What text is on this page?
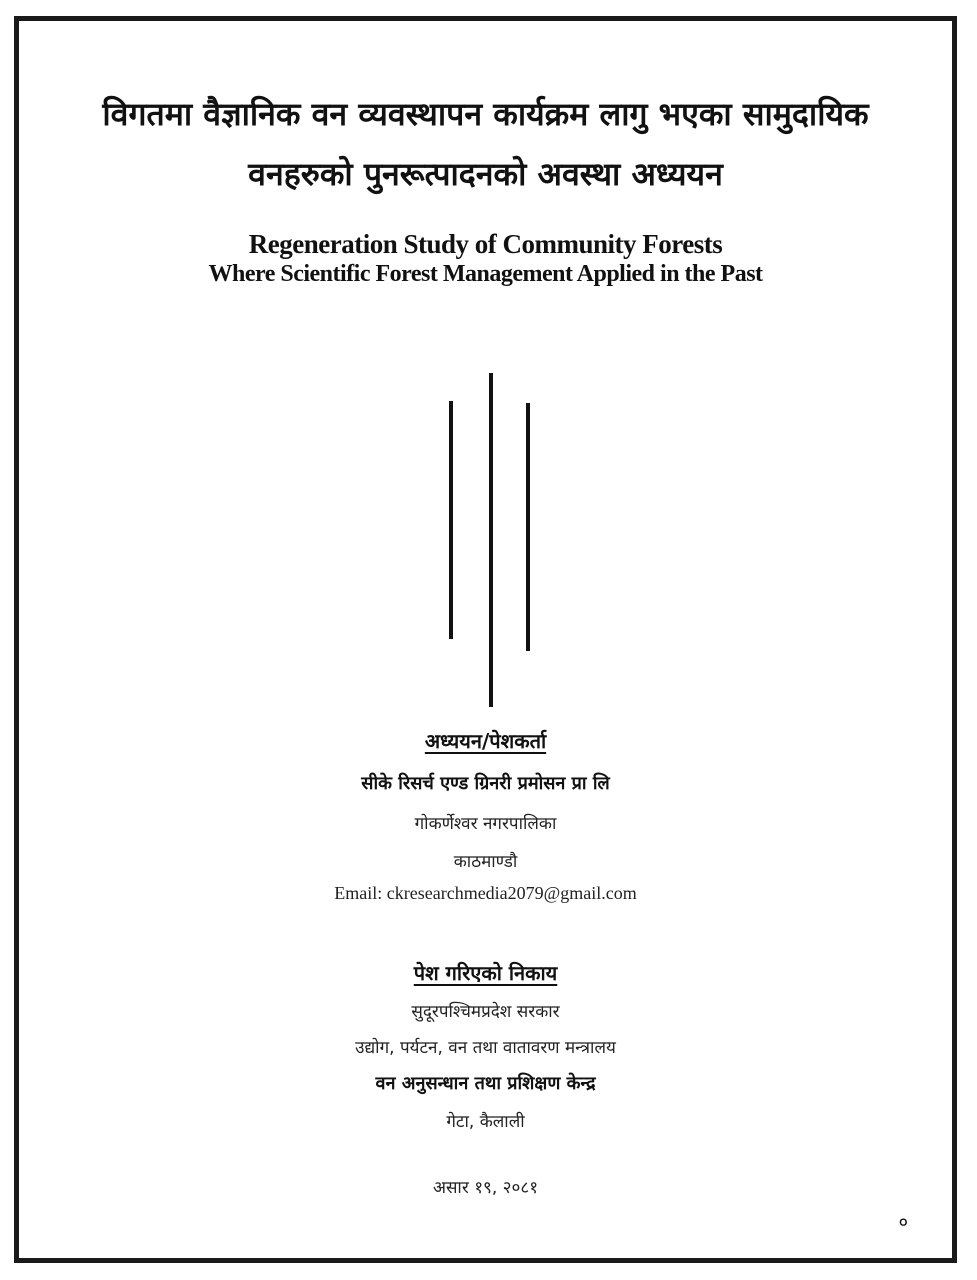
विगतमा वैज्ञानिक वन व्यवस्थापन कार्यक्रम लागु भएका सामुदायिक
वनहरुको पुनरूत्पादनको अवस्था अध्ययन
Regeneration Study of Community Forests
Where Scientific Forest Management Applied in the Past
अध्ययन/पेशकर्ता
सीके रिसर्च एण्ड ग्रिनरी प्रमोसन प्रा लि
गोकर्णेश्वर नगरपालिका
काठमाण्डौ
Email: ckresearchmedia2079@gmail.com
पेश गरिएको निकाय
सुदूरपश्चिमप्रदेश सरकार
उद्योग, पर्यटन, वन तथा वातावरण मन्त्रालय
वन अनुसन्धान तथा प्रशिक्षण केन्द्र
गेटा, कैलाली
असार १९, २०८१
०
